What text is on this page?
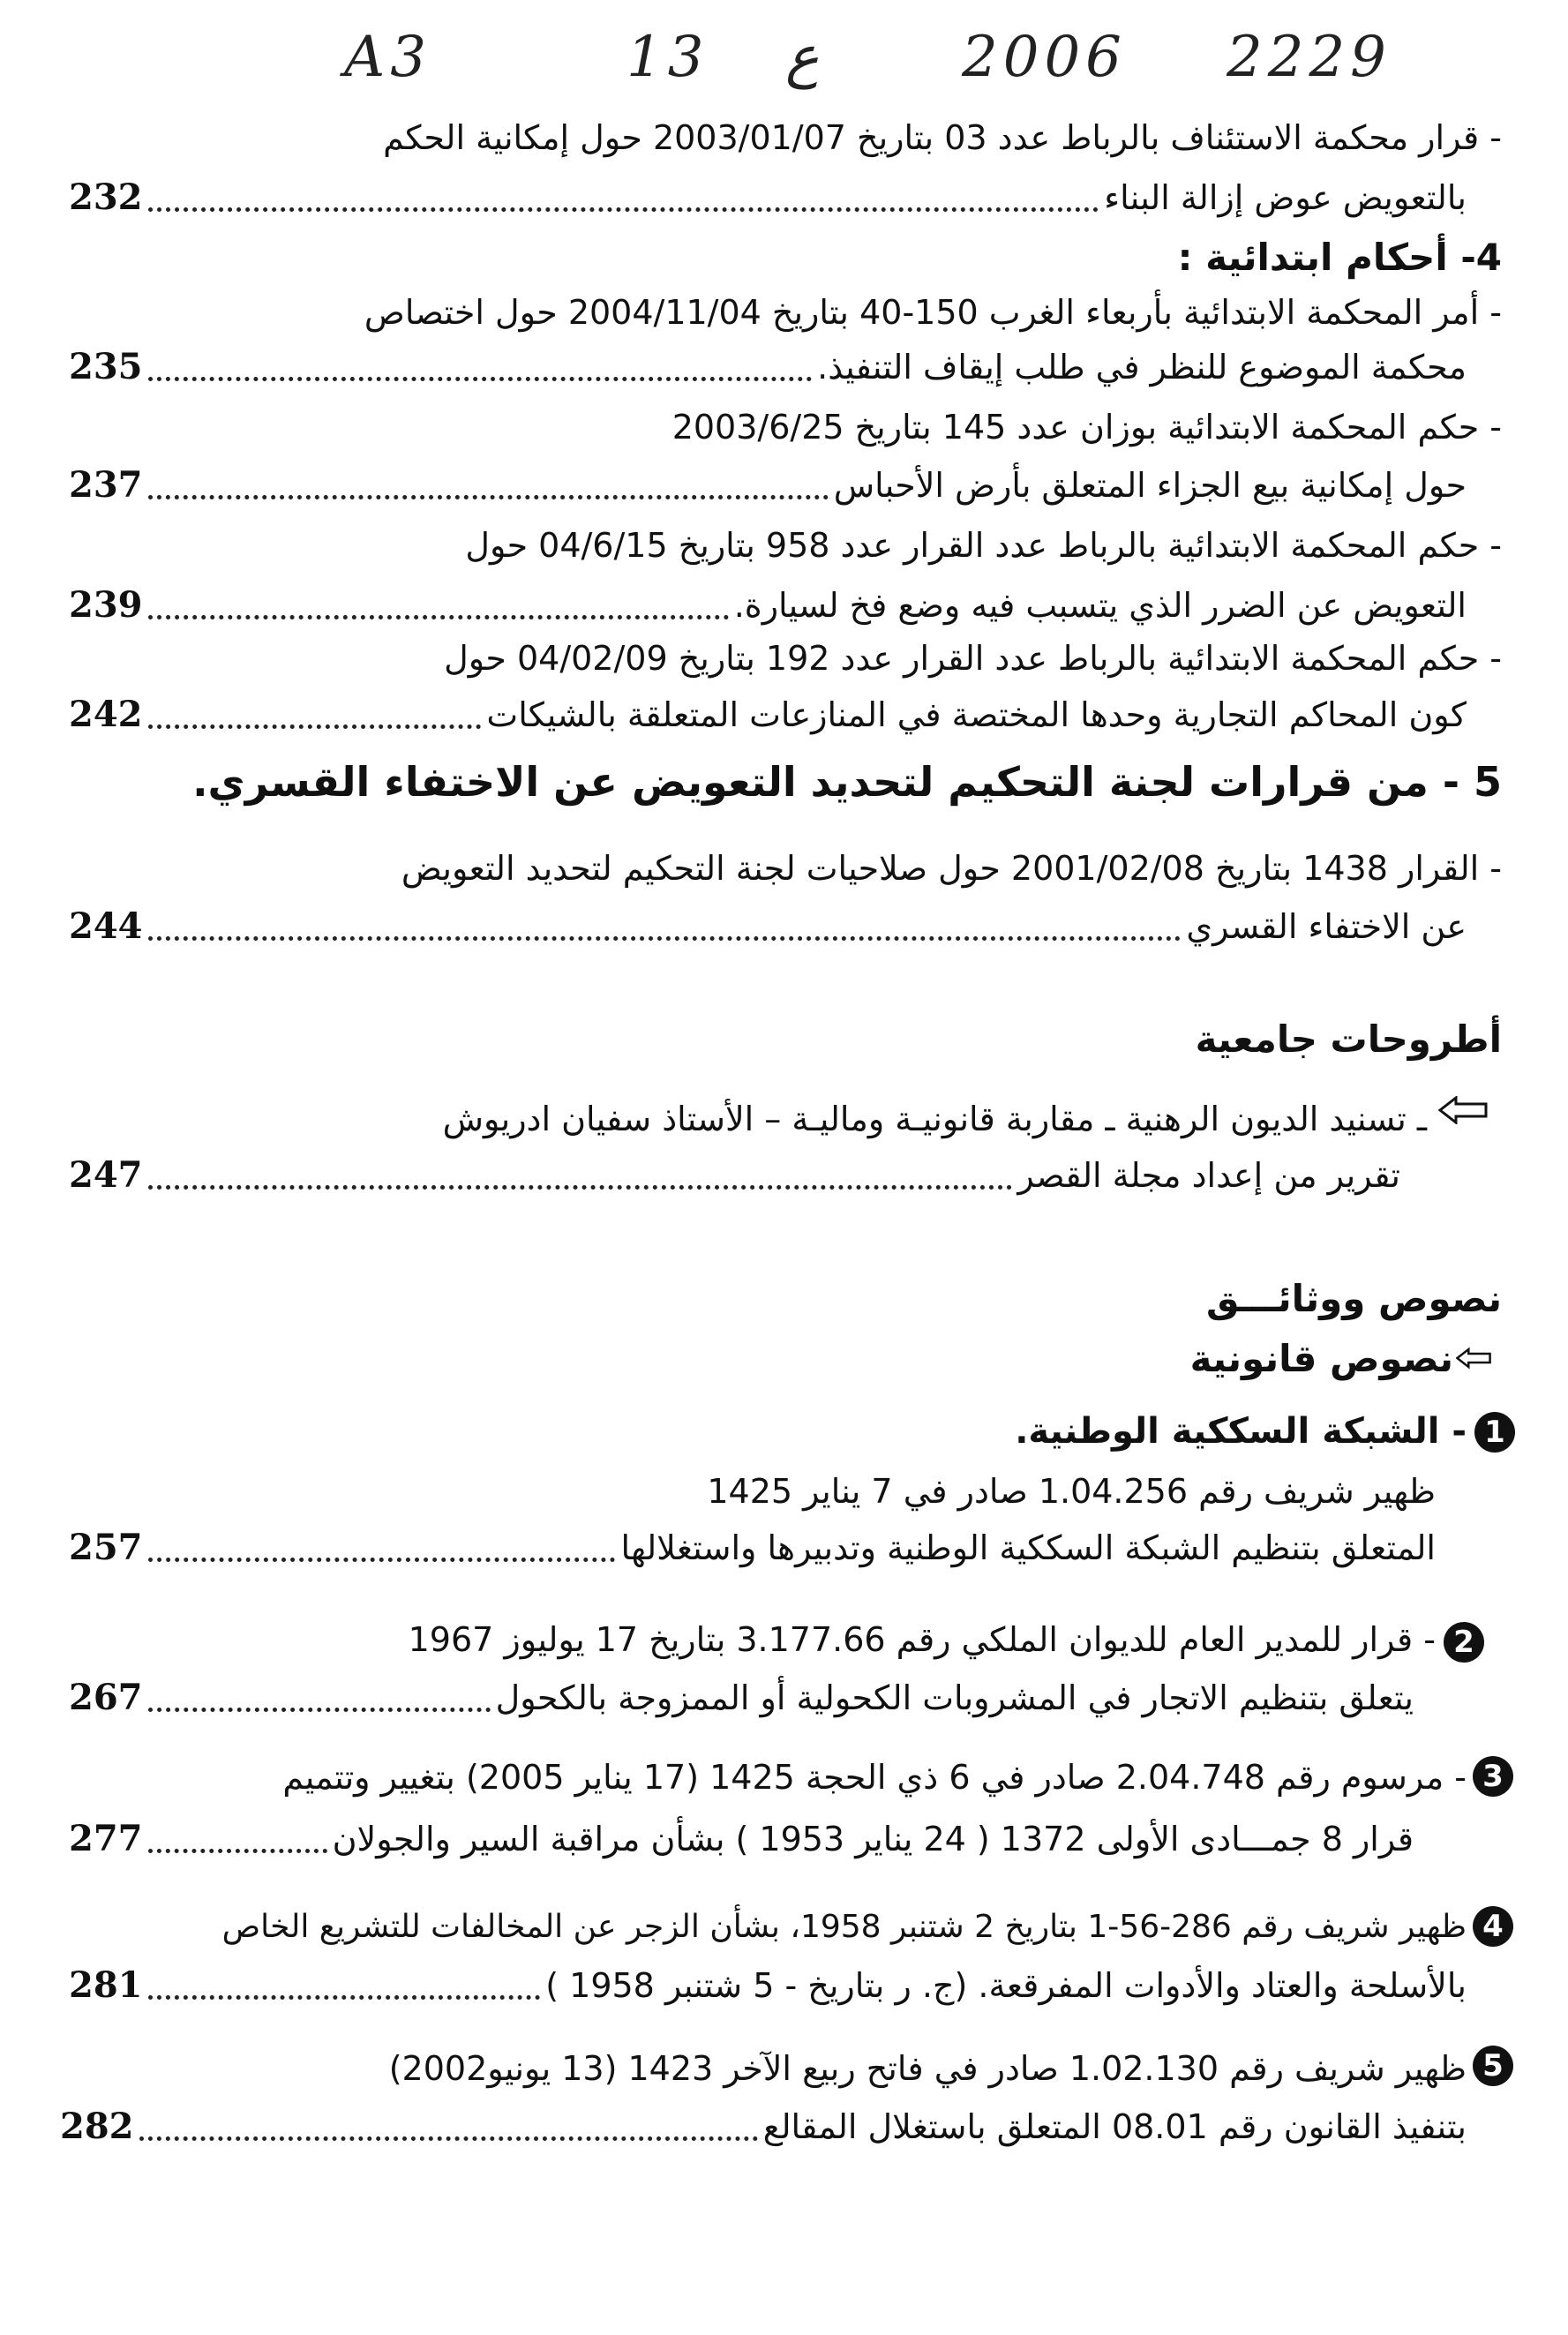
A3	13 ع	2006 2229
- قرار محكمة الاستئناف بالرباط عدد 03 بتاريخ 2003/01/07 حول إمكانية الحكم
بالتعويض عوض إزالة البناء
232
4- أحكام ابتدائية :
- أمر المحكمة الابتدائية بأربعاء الغرب 150-40 بتاريخ 2004/11/04 حول اختصاص
محكمة الموضوع للنظر في طلب إيقاف التنفيذ.
235
- حكم المحكمة الابتدائية بوزان عدد 145 بتاريخ 2003/6/25
حول إمكانية بيع الجزاء المتعلق بأرض الأحباس
237
- حكم المحكمة الابتدائية بالرباط عدد القرار عدد 958 بتاريخ 04/6/15 حول
التعويض عن الضرر الذي يتسبب فيه وضع فخ لسيارة.
239
- حكم المحكمة الابتدائية بالرباط عدد القرار عدد 192 بتاريخ 04/02/09 حول
كون المحاكم التجارية وحدها المختصة في المنازعات المتعلقة بالشيكات
242
5 - من قرارات لجنة التحكيم لتحديد التعويض عن الاختفاء القسري.
- القرار 1438 بتاريخ 2001/02/08 حول صلاحيات لجنة التحكيم لتحديد التعويض
عن الاختفاء القسري
244
أطروحات جامعية
ـ تسنيد الديون الرهنية ـ مقاربة قانونيـة وماليـة – الأستاذ سفيان ادريوش
تقرير من إعداد مجلة القصر
247
نصوص ووثائـــق
نصوص قانونية
1
- الشبكة السككية الوطنية.
ظهير شريف رقم 1.04.256 صادر في 7 يناير 1425
المتعلق بتنظيم الشبكة السككية الوطنية وتدبيرها واستغلالها
257
2
- قرار للمدير العام للديوان الملكي رقم 3.177.66 بتاريخ 17 يوليوز 1967
يتعلق بتنظيم الاتجار في المشروبات الكحولية أو الممزوجة بالكحول
267
3
- مرسوم رقم 2.04.748 صادر في 6 ذي الحجة 1425 (17 يناير 2005) بتغيير وتتميم
قرار 8 جمـــادى الأولى 1372 ( 24 يناير 1953 ) بشأن مراقبة السير والجولان
277
4
ظهير شريف رقم 286-56-1 بتاريخ 2 شتنبر 1958، بشأن الزجر عن المخالفات للتشريع الخاص
بالأسلحة والعتاد والأدوات المفرقعة. (ج. ر بتاريخ - 5 شتنبر 1958 )
281
5
ظهير شريف رقم 1.02.130 صادر في فاتح ربيع الآخر 1423 (13 يونيو2002)
بتنفيذ القانون رقم 08.01 المتعلق باستغلال المقالع
282
